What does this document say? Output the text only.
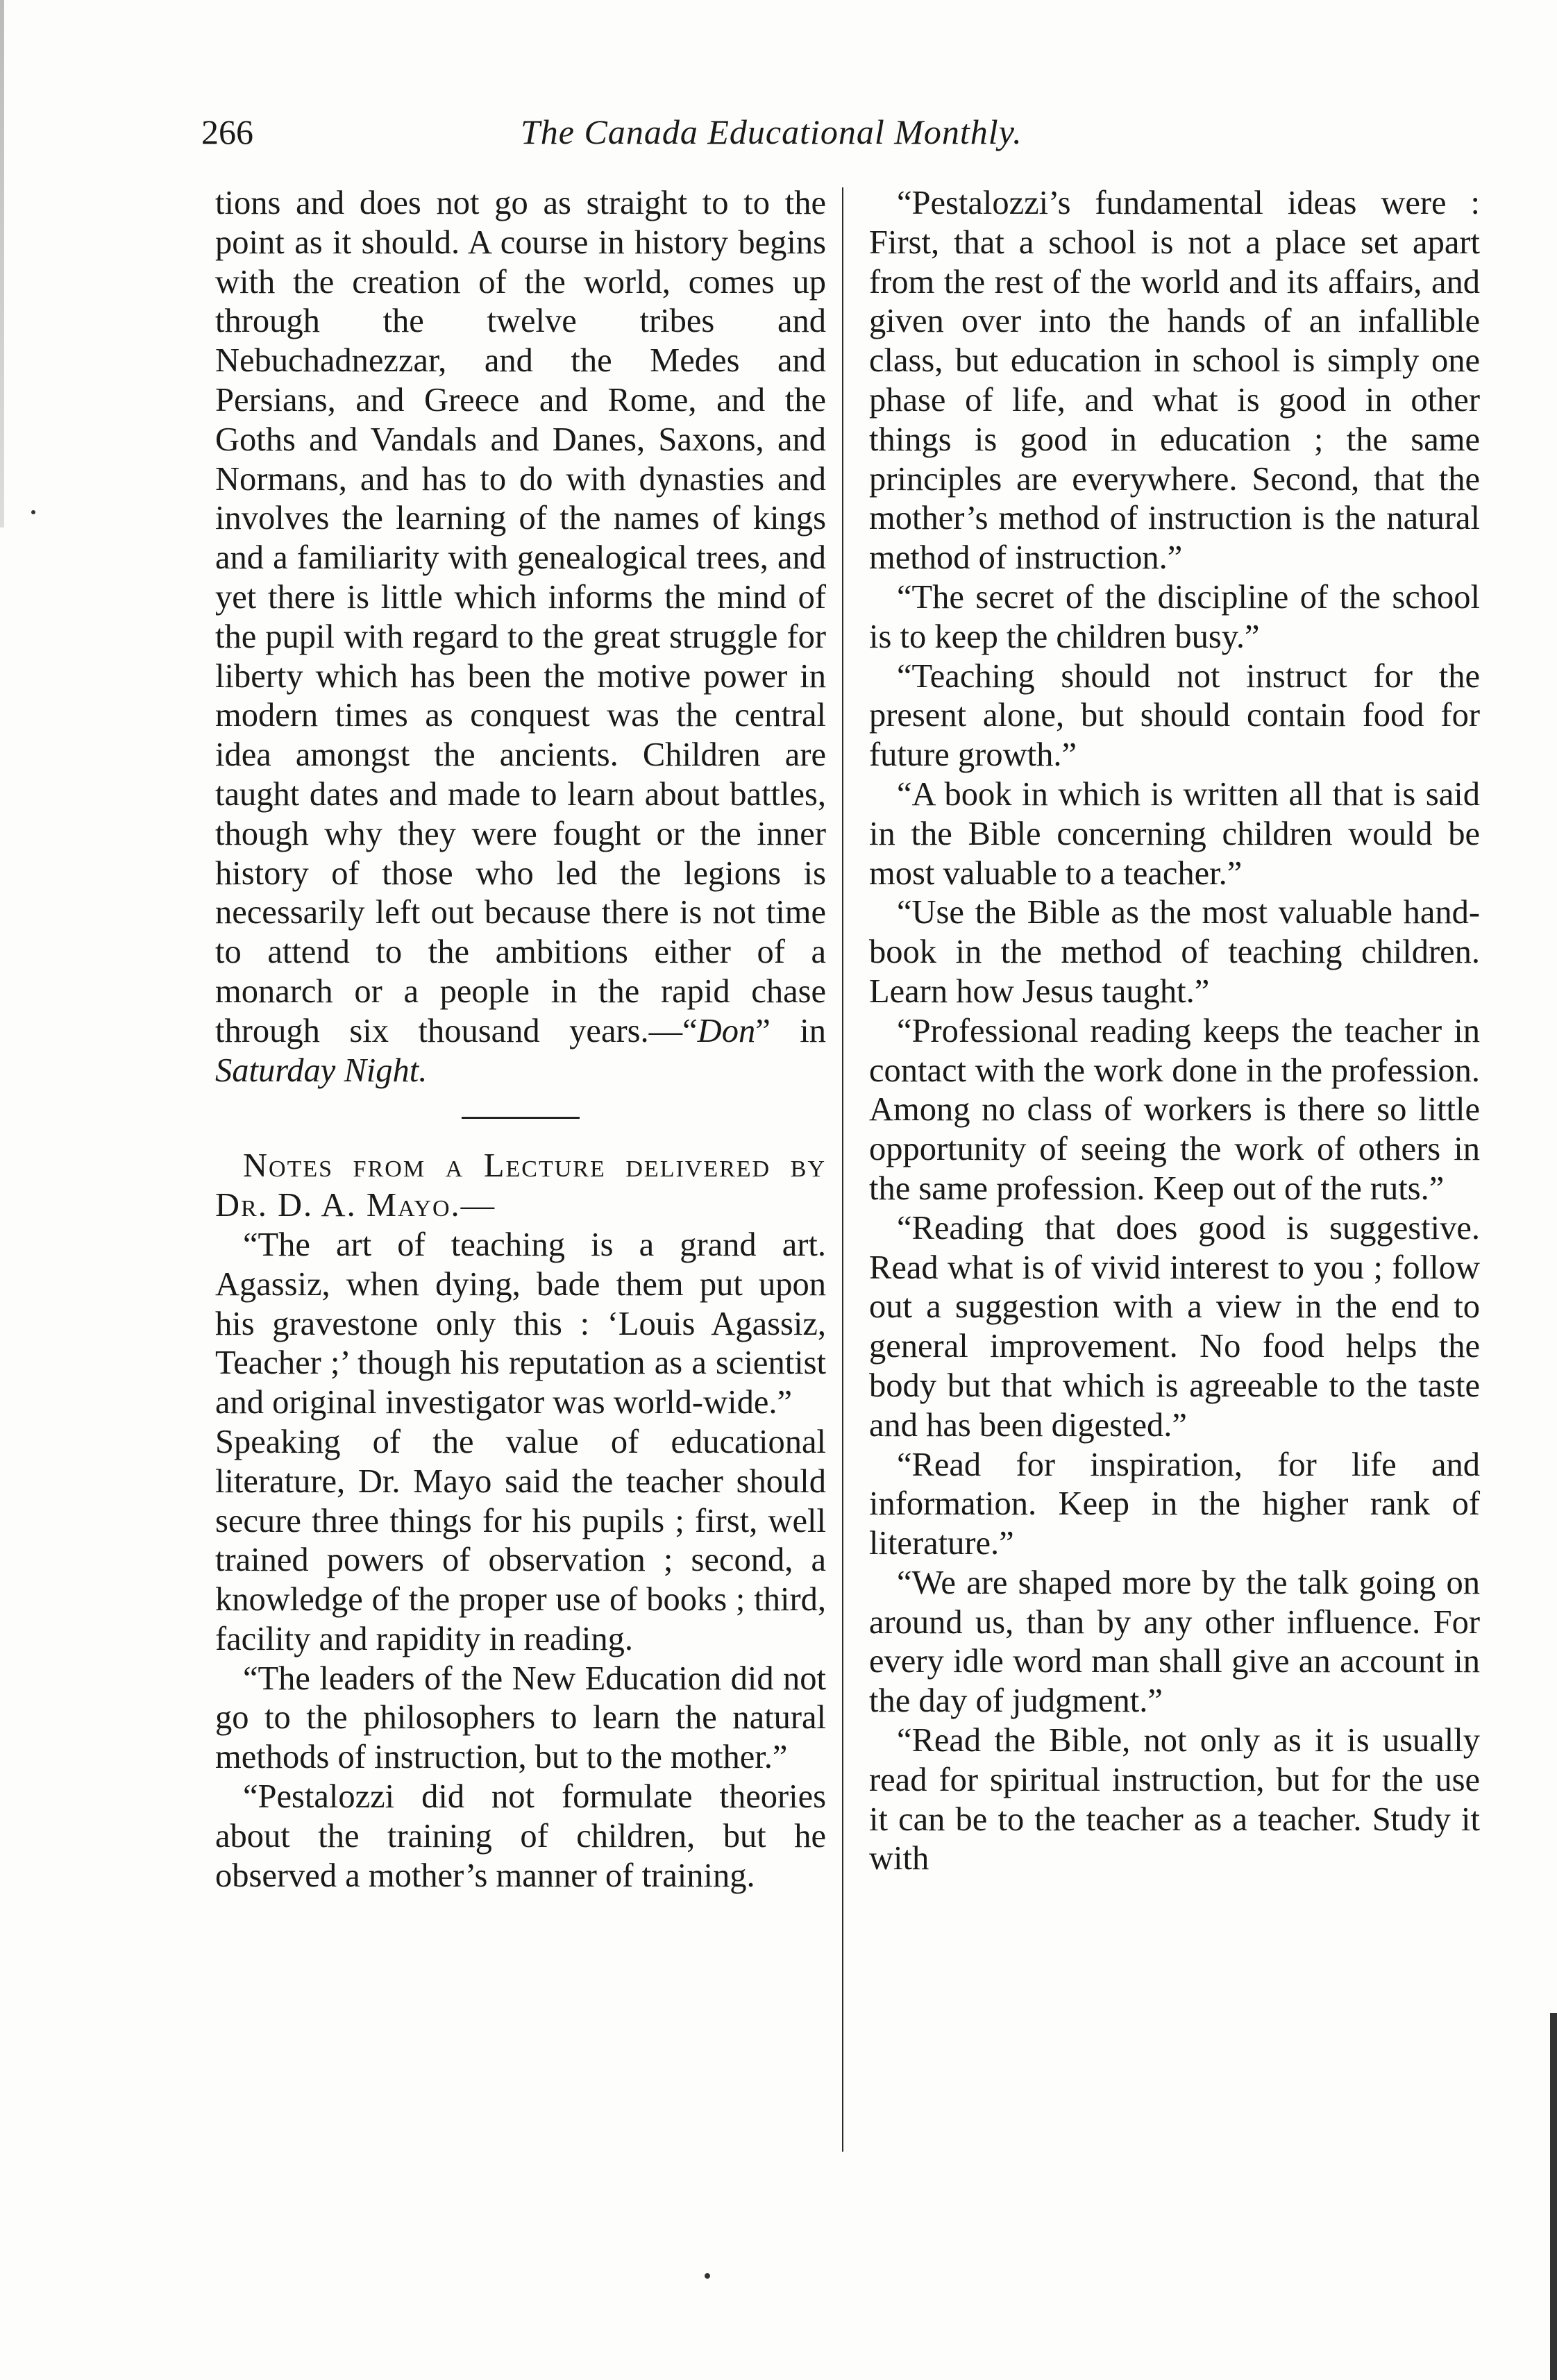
266	The Canada Educational Monthly.

tions and does not go as straight to to the point as it should. A course in history begins with the creation of the world, comes up through the twelve tribes and Nebuchadnezzar, and the Medes and Persians, and Greece and Rome, and the Goths and Vandals and Danes, Saxons, and Normans, and has to do with dynasties and involves the learning of the names of kings and a familiarity with genealogical trees, and yet there is little which informs the mind of the pupil with regard to the great struggle for liberty which has been the motive power in modern times as conquest was the central idea amongst the ancients. Children are taught dates and made to learn about battles, though why they were fought or the inner history of those who led the legions is necessarily left out because there is not time to attend to the ambitions either of a monarch or a people in the rapid chase through six thousand years.—“Don” in Saturday Night.

Notes from a Lecture delivered by Dr. D. A. Mayo.—

“The art of teaching is a grand art. Agassiz, when dying, bade them put upon his gravestone only this : ‘Louis Agassiz, Teacher ;’ though his reputation as a scientist and original investigator was world-wide.”

Speaking of the value of educational literature, Dr. Mayo said the teacher should secure three things for his pupils ; first, well trained powers of observation ; second, a knowledge of the proper use of books ; third, facility and rapidity in reading.

“The leaders of the New Education did not go to the philosophers to learn the natural methods of instruction, but to the mother.”

“Pestalozzi did not formulate theories about the training of children, but he observed a mother’s manner of training.

“Pestalozzi’s fundamental ideas were : First, that a school is not a place set apart from the rest of the world and its affairs, and given over into the hands of an infallible class, but education in school is simply one phase of life, and what is good in other things is good in education ; the same principles are everywhere. Second, that the mother’s method of instruction is the natural method of instruction.”

“The secret of the discipline of the school is to keep the children busy.”

“Teaching should not instruct for the present alone, but should contain food for future growth.”

“A book in which is written all that is said in the Bible concerning children would be most valuable to a teacher.”

“Use the Bible as the most valuable hand-book in the method of teaching children. Learn how Jesus taught.”

“Professional reading keeps the teacher in contact with the work done in the profession. Among no class of workers is there so little opportunity of seeing the work of others in the same profession. Keep out of the ruts.”

“Reading that does good is suggestive. Read what is of vivid interest to you ; follow out a suggestion with a view in the end to general improvement. No food helps the body but that which is agreeable to the taste and has been digested.”

“Read for inspiration, for life and information. Keep in the higher rank of literature.”

“We are shaped more by the talk going on around us, than by any other influence. For every idle word man shall give an account in the day of judgment.”

“Read the Bible, not only as it is usually read for spiritual instruction, but for the use it can be to the teacher as a teacher. Study it with
